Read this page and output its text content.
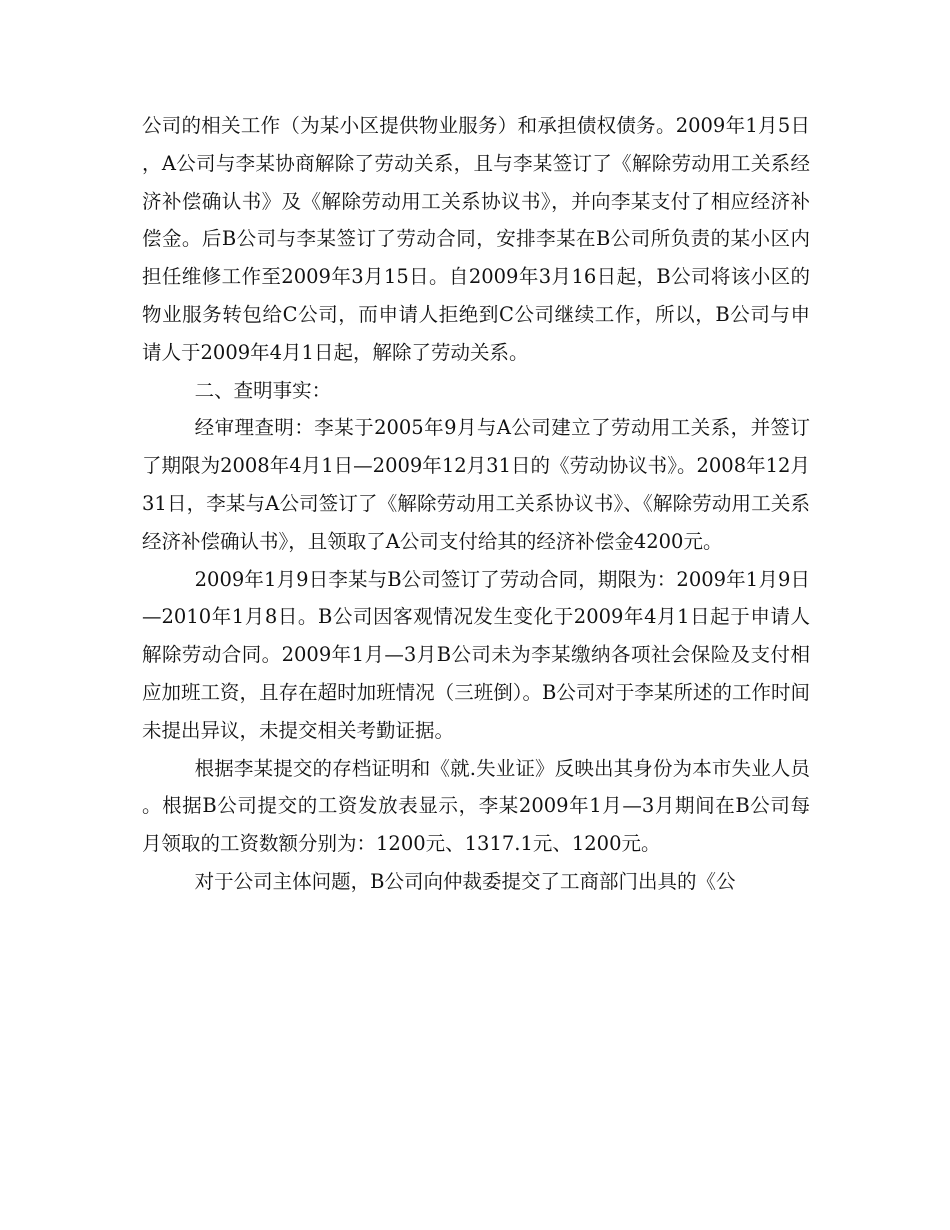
公司的相关工作（为某小区提供物业服务）和承担债权债务。2009年1月5日，A公司与李某协商解除了劳动关系，且与李某签订了《解除劳动用工关系经济补偿确认书》及《解除劳动用工关系协议书》，并向李某支付了相应经济补偿金。后B公司与李某签订了劳动合同，安排李某在B公司所负责的某小区内担任维修工作至2009年3月15日。自2009年3月16日起，B公司将该小区的物业服务转包给C公司，而申请人拒绝到C公司继续工作，所以，B公司与申请人于2009年4月1日起，解除了劳动关系。

二、查明事实：

经审理查明：李某于2005年9月与A公司建立了劳动用工关系，并签订了期限为2008年4月1日—2009年12月31日的《劳动协议书》。2008年12月31日，李某与A公司签订了《解除劳动用工关系协议书》、《解除劳动用工关系经济补偿确认书》，且领取了A公司支付给其的经济补偿金4200元。

2009年1月9日李某与B公司签订了劳动合同，期限为：2009年1月9日—2010年1月8日。B公司因客观情况发生变化于2009年4月1日起于申请人解除劳动合同。2009年1月—3月B公司未为李某缴纳各项社会保险及支付相应加班工资，且存在超时加班情况（三班倒）。B公司对于李某所述的工作时间未提出异议，未提交相关考勤证据。

根据李某提交的存档证明和《就.失业证》反映出其身份为本市失业人员。根据B公司提交的工资发放表显示，李某2009年1月—3月期间在B公司每月领取的工资数额分别为：1200元、1317.1元、1200元。

对于公司主体问题，B公司向仲裁委提交了工商部门出具的《公
